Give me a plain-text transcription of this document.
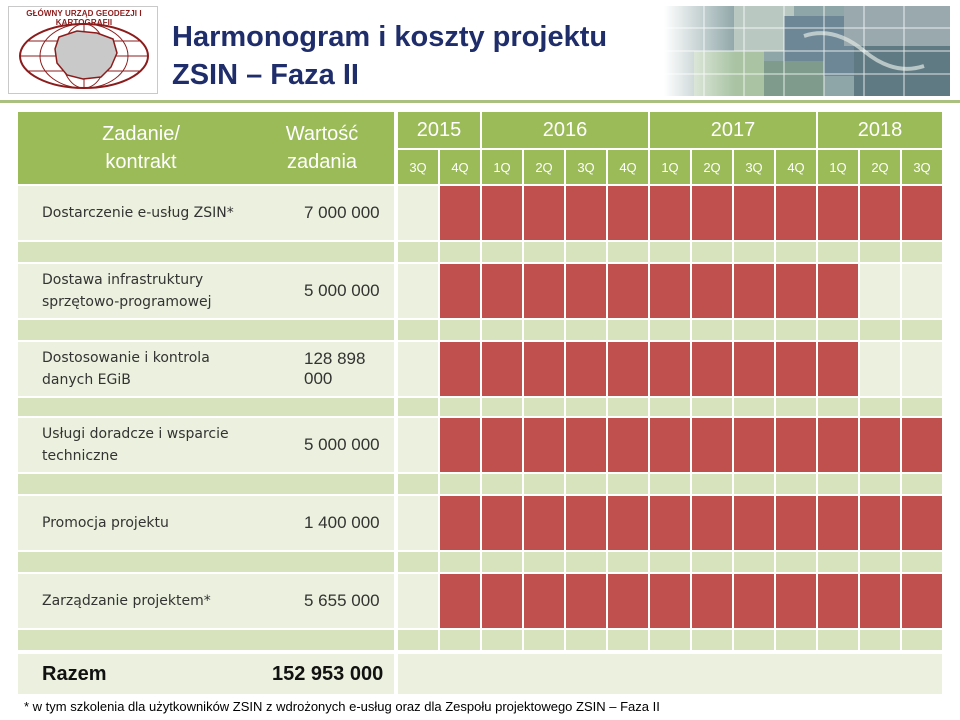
GŁÓWNY URZĄD GEODEZJI I KARTOGRAFII	Harmonogram i koszty projektu
ZSIN – Faza II
Zadanie/
kontrakt
Wartość
zadania
2015	2016	2017	2018
3Q 4Q 1Q 2Q 3Q 4Q 1Q 2Q 3Q 4Q 1Q 2Q 3Q
Dostarczenie e-usług ZSIN*	7 000 000
Dostawa infrastruktury
sprzętowo-programowej
5 000 000
Dostosowanie i kontrola
danych EGiB
128 898 000
Usługi doradcze i wsparcie
techniczne
5 000 000
Promocja projektu	1 400 000
Zarządzanie projektem*	5 655 000
Razem	152 953 000
* w tym szkolenia dla użytkowników ZSIN z wdrożonych e-usług oraz dla Zespołu projektowego ZSIN – Faza II
